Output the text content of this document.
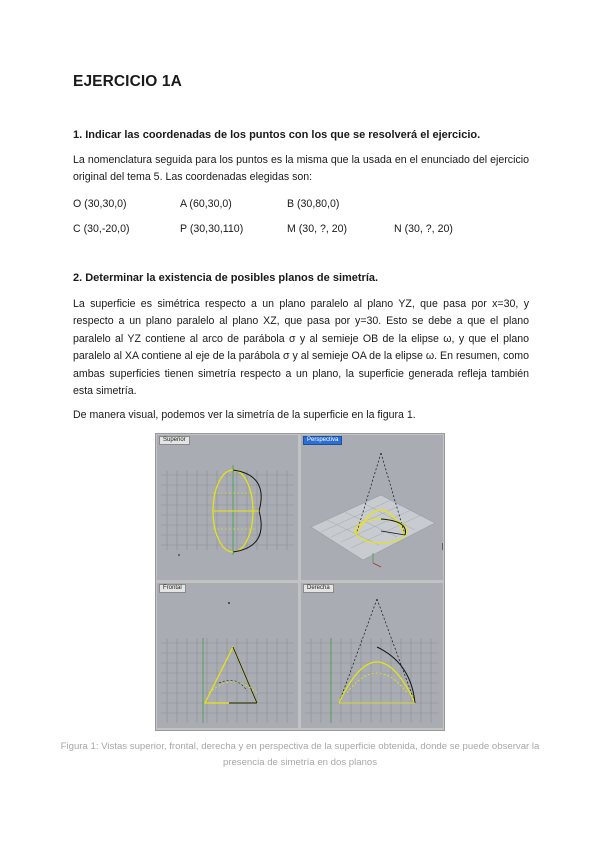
EJERCICIO 1A
1. Indicar las coordenadas de los puntos con los que se resolverá el ejercicio.
La nomenclatura seguida para los puntos es la misma que la usada en el enunciado del ejercicio original del tema 5. Las coordenadas elegidas son:
O (30,30,0)	A (60,30,0)	B (30,80,0)
C (30,-20,0)	P (30,30,110)	M (30, ?, 20)	N (30, ?, 20)
2. Determinar la existencia de posibles planos de simetría.
La superficie es simétrica respecto a un plano paralelo al plano YZ, que pasa por x=30, y respecto a un plano paralelo al plano XZ, que pasa por y=30. Esto se debe a que el plano paralelo al YZ contiene al arco de parábola σ y al semieje OB de la elipse ω, y que el plano paralelo al XA contiene al eje de la parábola σ y al semieje OA de la elipse ω. En resumen, como ambas superficies tienen simetría respecto a un plano, la superficie generada refleja también esta simetría.
De manera visual, podemos ver la simetría de la superficie en la figura 1.
Superior	Perspectiva
Frontal	Derecha
Figura 1: Vistas superior, frontal, derecha y en perspectiva de la superficie obtenida, donde se puede observar la presencia de simetría en dos planos
